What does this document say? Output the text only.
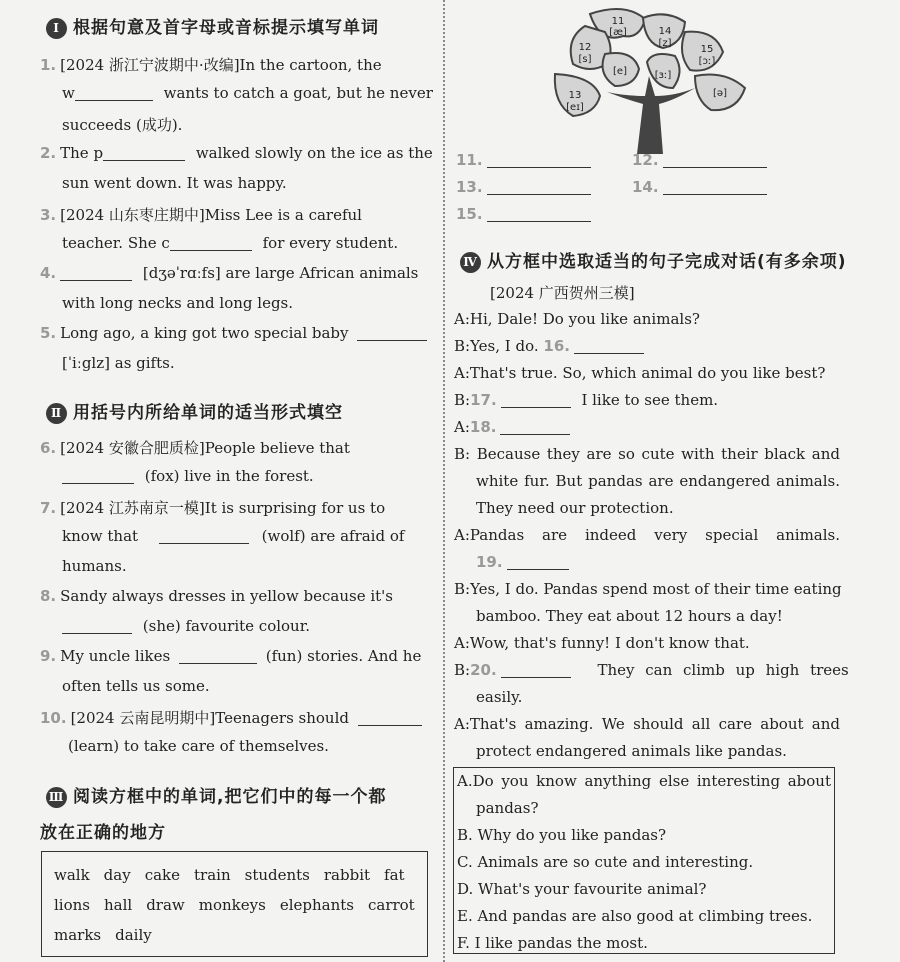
Ⅰ 根据句意及首字母或音标提示填写单词
1. [2024 浙江宁波期中·改编]In the cartoon, the
w	wants to catch a goat, but he never
succeeds (成功).
2. The p	walked slowly on the ice as the
sun went down. It was happy.
3. [2024 山东枣庄期中]Miss Lee is a careful
teacher. She c	for every student.
4.	[dʒəˈrɑːfs] are large African animals
with long necks and long legs.
5. Long ago, a king got two special baby
[ˈiːglz] as gifts.
Ⅱ 用括号内所给单词的适当形式填空
6. [2024 安徽合肥质检]People believe that
(fox) live in the forest.
7. [2024 江苏南京一模]It is surprising for us to
know that	(wolf) are afraid of
humans.
8. Sandy always dresses in yellow because it's
(she) favourite colour.
9. My uncle likes	(fun) stories. And he
often tells us some.
10. [2024 云南昆明期中]Teenagers should
(learn) to take care of themselves.
Ⅲ 阅读方框中的单词,把它们中的每一个都
放在正确的地方
walk day cake train students rabbit fat
lions hall draw monkeys elephants carrot
marks daily
11
[æ]
12
[s]
[e]
14
[z]
15
[ɔː]
[ɜː]
13
[eɪ]
[ə]
11.	12.
13.	14.
15.
Ⅳ 从方框中选取适当的句子完成对话(有多余项)
[2024 广西贺州三模]
A:Hi, Dale! Do you like animals?
B:Yes, I do. 16.
A:That's true. So, which animal do you like best?
B:17.	I like to see them.
A:18.
B: Because they are so cute with their black and
white fur. But pandas are endangered animals.
They need our protection.
A:Pandas are indeed very special animals.
19.
B:Yes, I do. Pandas spend most of their time eating
bamboo. They eat about 12 hours a day!
A:Wow, that's funny! I don't know that.
B:20.	They can climb up high trees
easily.
A:That's amazing. We should all care about and
protect endangered animals like pandas.
A.Do you know anything else interesting about
pandas?
B. Why do you like pandas?
C. Animals are so cute and interesting.
D. What's your favourite animal?
E. And pandas are also good at climbing trees.
F. I like pandas the most.
